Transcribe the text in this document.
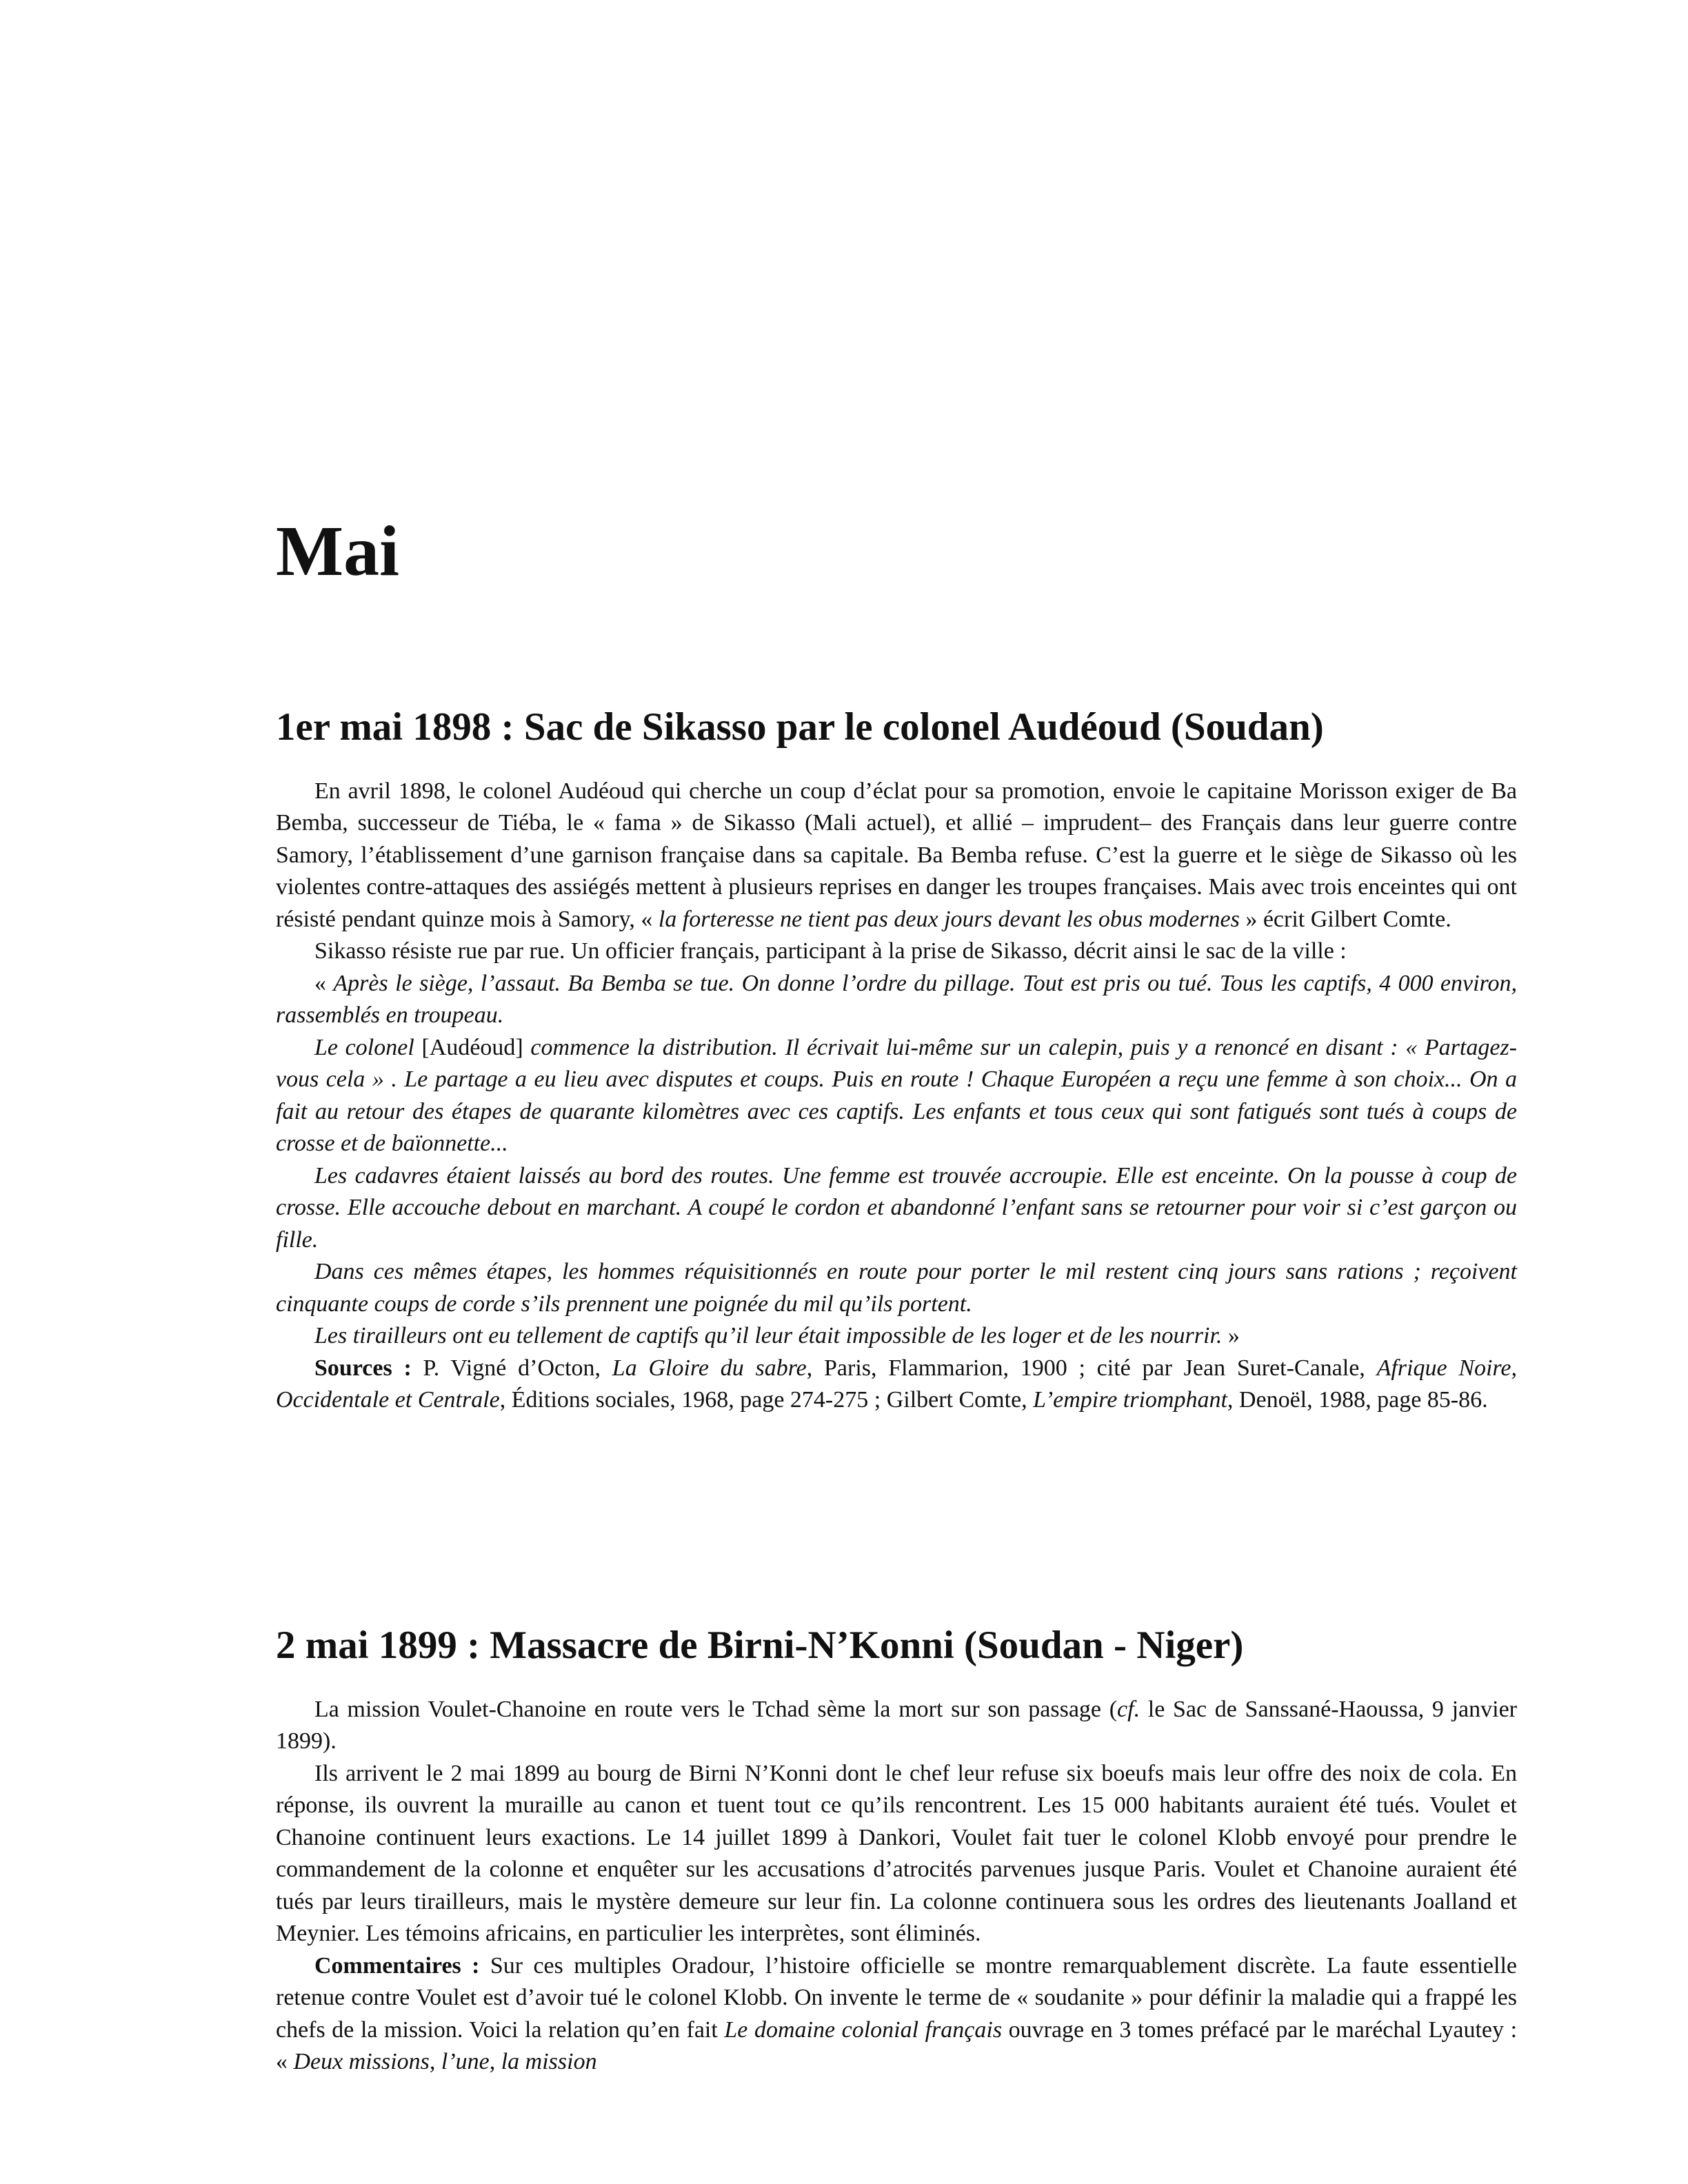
Mai
1er mai 1898 : Sac de Sikasso par le colonel Audéoud (Soudan)

En avril 1898, le colonel Audéoud qui cherche un coup d’éclat pour sa promotion, envoie le capitaine Morisson exiger de Ba Bemba, successeur de Tiéba, le « fama » de Sikasso (Mali actuel), et allié – imprudent– des Français dans leur guerre contre Samory, l’établissement d’une garnison française dans sa capitale. Ba Bemba refuse. C’est la guerre et le siège de Sikasso où les violentes contre-attaques des assiégés mettent à plusieurs reprises en danger les troupes françaises. Mais avec trois enceintes qui ont résisté pendant quinze mois à Samory, « la forteresse ne tient pas deux jours devant les obus modernes » écrit Gilbert Comte.

Sikasso résiste rue par rue. Un officier français, participant à la prise de Sikasso, décrit ainsi le sac de la ville :

« Après le siège, l’assaut. Ba Bemba se tue. On donne l’ordre du pillage. Tout est pris ou tué. Tous les captifs, 4 000 environ, rassemblés en troupeau.

Le colonel [Audéoud] commence la distribution. Il écrivait lui-même sur un calepin, puis y a renoncé en disant : « Partagez-vous cela » . Le partage a eu lieu avec disputes et coups. Puis en route ! Chaque Européen a reçu une femme à son choix... On a fait au retour des étapes de quarante kilomètres avec ces captifs. Les enfants et tous ceux qui sont fatigués sont tués à coups de crosse et de baïonnette...

Les cadavres étaient laissés au bord des routes. Une femme est trouvée accroupie. Elle est enceinte. On la pousse à coup de crosse. Elle accouche debout en marchant. A coupé le cordon et abandonné l’enfant sans se retourner pour voir si c’est garçon ou fille.

Dans ces mêmes étapes, les hommes réquisitionnés en route pour porter le mil restent cinq jours sans rations ; reçoivent cinquante coups de corde s’ils prennent une poignée du mil qu’ils portent.

Les tirailleurs ont eu tellement de captifs qu’il leur était impossible de les loger et de les nourrir. »

Sources : P. Vigné d’Octon, La Gloire du sabre, Paris, Flammarion, 1900 ; cité par Jean Suret-Canale, Afrique Noire, Occidentale et Centrale, Éditions sociales, 1968, page 274-275 ; Gilbert Comte, L’empire triomphant, Denoël, 1988, page 85-86.

2 mai 1899 : Massacre de Birni-N’Konni (Soudan - Niger)

La mission Voulet-Chanoine en route vers le Tchad sème la mort sur son passage (cf. le Sac de Sanssané-Haoussa, 9 janvier 1899).

Ils arrivent le 2 mai 1899 au bourg de Birni N’Konni dont le chef leur refuse six boeufs mais leur offre des noix de cola. En réponse, ils ouvrent la muraille au canon et tuent tout ce qu’ils rencontrent. Les 15 000 habitants auraient été tués. Voulet et Chanoine continuent leurs exactions. Le 14 juillet 1899 à Dankori, Voulet fait tuer le colonel Klobb envoyé pour prendre le commandement de la colonne et enquêter sur les accusations d’atrocités parvenues jusque Paris. Voulet et Chanoine auraient été tués par leurs tirailleurs, mais le mystère demeure sur leur fin. La colonne continuera sous les ordres des lieutenants Joalland et Meynier. Les témoins africains, en particulier les interprètes, sont éliminés.

Commentaires : Sur ces multiples Oradour, l’histoire officielle se montre remarquablement discrète. La faute essentielle retenue contre Voulet est d’avoir tué le colonel Klobb. On invente le terme de « soudanite » pour définir la maladie qui a frappé les chefs de la mission. Voici la relation qu’en fait Le domaine colonial français ouvrage en 3 tomes préfacé par le maréchal Lyautey : « Deux missions, l’une, la mission
